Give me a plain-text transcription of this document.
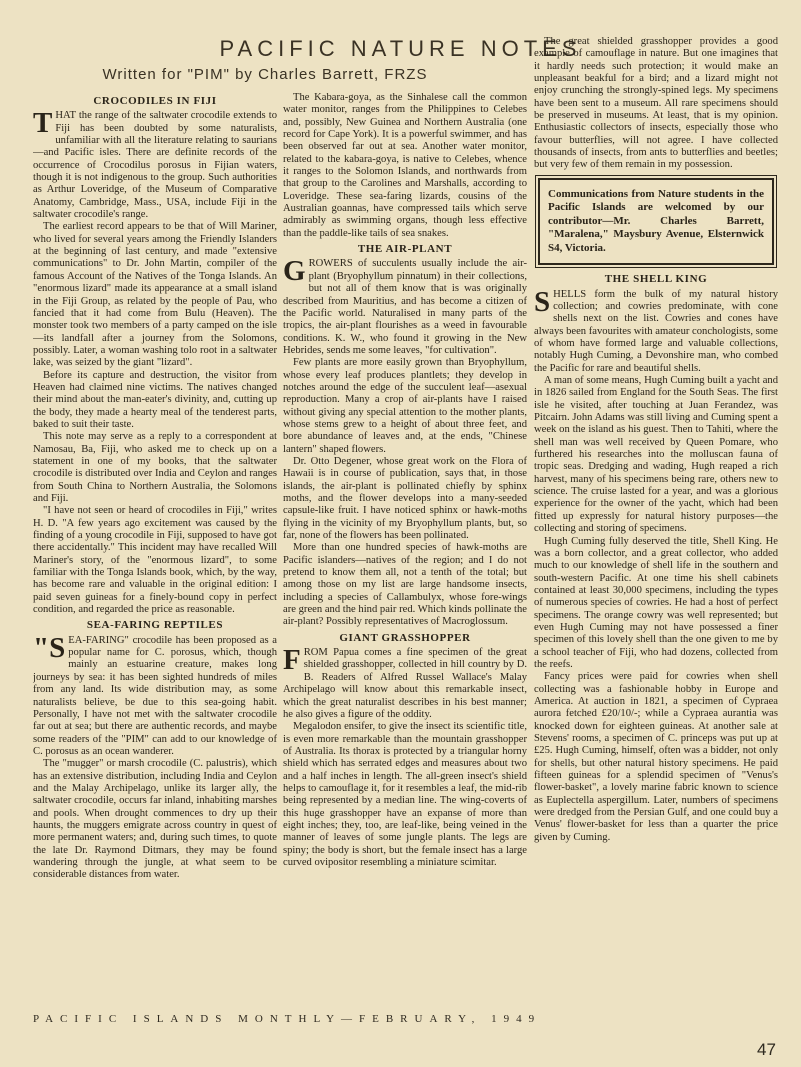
PACIFIC NATURE NOTES
Written for "PIM" by Charles Barrett, FRZS
CROCODILES IN FIJI

THAT the range of the saltwater crocodile extends to Fiji has been doubted by some naturalists, unfamiliar with all the literature relating to saurians—and Pacific isles. There are definite records of the occurrence of Crocodilus porosus in Fijian waters, though it is not indigenous to the group. Such authorities as Arthur Loveridge, of the Museum of Comparative Anatomy, Cambridge, Mass., USA, include Fiji in the saltwater crocodile's range.

The earliest record appears to be that of Will Mariner, who lived for several years among the Friendly Islanders at the beginning of last century, and made "extensive communications" to Dr. John Martin, compiler of the famous Account of the Natives of the Tonga Islands. An "enormous lizard" made its appearance at a small island in the Fiji Group, as related by the people of Pau, who fancied that it had come from Bulu (Heaven). The monster took two members of a party camped on the isle—its landfall after a journey from the Solomons, possibly. Later, a woman washing tolo root in a saltwater lake, was seized by the giant "lizard".

Before its capture and destruction, the visitor from Heaven had claimed nine victims. The natives changed their mind about the man-eater's divinity, and, cutting up the body, they made a hearty meal of the tenderest parts, baked to suit their taste.

This note may serve as a reply to a correspondent at Namosau, Ba, Fiji, who asked me to check up on a statement in one of my books, that the saltwater crocodile is distributed over India and Ceylon and ranges from South China to Northern Australia, the Solomons and Fiji.

"I have not seen or heard of crocodiles in Fiji," writes H. D. "A few years ago excitement was caused by the finding of a young crocodile in Fiji, supposed to have got there accidentally." This incident may have recalled Will Mariner's story, of the "enormous lizard", to some familiar with the Tonga Islands book, which, by the way, has become rare and valuable in the original edition: I paid seven guineas for a finely-bound copy in perfect condition, and regarded the price as reasonable.

SEA-FARING REPTILES

"SEA-FARING" crocodile has been proposed as a popular name for C. porosus, which, though mainly an estuarine creature, makes long journeys by sea: it has been sighted hundreds of miles from any land. Its wide distribution may, as some naturalists believe, be due to this sea-going habit. Personally, I have not met with the saltwater crocodile far out at sea; but there are authentic records, and maybe some readers of the "PIM" can add to our knowledge of C. porosus as an ocean wanderer.

The "mugger" or marsh crocodile (C. palustris), which has an extensive distribution, including India and Ceylon and the Malay Archipelago, unlike its larger ally, the saltwater crocodile, occurs far inland, inhabiting marshes and pools. When drought commences to dry up their haunts, the muggers emigrate across country in quest of more permanent waters; and, during such times, to quote the late Dr. Raymond Ditmars, they may be found wandering through the jungle, at what seem to be considerable distances from water.

The Kabara-goya, as the Sinhalese call the common water monitor, ranges from the Philippines to Celebes and, possibly, New Guinea and Northern Australia (one record for Cape York). It is a powerful swimmer, and has been observed far out at sea. Another water monitor, related to the kabara-goya, is native to Celebes, whence it ranges to the Solomon Islands, and northwards from that group to the Carolines and Marshalls, according to Loveridge. These sea-faring lizards, cousins of the Australian goannas, have compressed tails which serve admirably as swimming organs, though less effective than the paddle-like tails of sea snakes.

THE AIR-PLANT

GROWERS of succulents usually include the air-plant (Bryophyllum pinnatum) in their collections, but not all of them know that is was originally described from Mauritius, and has become a citizen of the Pacific world. Naturalised in many parts of the tropics, the air-plant flourishes as a weed in favourable conditions. K. W., who found it growing in the New Hebrides, sends me some leaves, "for cultivation".

Few plants are more easily grown than Bryophyllum, whose every leaf produces plantlets; they develop in notches around the edge of the succulent leaf—asexual reproduction. Many a crop of air-plants have I raised without giving any special attention to the mother plants, whose stems grew to a height of about three feet, and bore abundance of leaves and, at the ends, "Chinese lantern" shaped flowers.

Dr. Otto Degener, whose great work on the Flora of Hawaii is in course of publication, says that, in those islands, the air-plant is pollinated chiefly by sphinx moths, and the flower develops into a many-seeded capsule-like fruit. I have noticed sphinx or hawk-moths flying in the vicinity of my Bryophyllum plants, but, so far, none of the flowers has been pollinated.

More than one hundred species of hawk-moths are Pacific islanders—natives of the region; and I do not pretend to know them all, not a tenth of the total; but among those on my list are large handsome insects, including a species of Callambulyx, whose fore-wings are green and the hind pair red. Which kinds pollinate the air-plant? Possibly representatives of Macroglossum.

GIANT GRASSHOPPER

FROM Papua comes a fine specimen of the great shielded grasshopper, collected in hill country by D. B. Readers of Alfred Russel Wallace's Malay Archipelago will know about this remarkable insect, which the great naturalist describes in his best manner; he also gives a figure of the oddity.

Megalodon ensifer, to give the insect its scientific title, is even more remarkable than the mountain grasshopper of Australia. Its thorax is protected by a triangular horny shield which has serrated edges and measures about two and a half inches in length. The all-green insect's shield helps to camouflage it, for it resembles a leaf, the mid-rib being represented by a median line. The wing-coverts of this huge grasshopper have an expanse of more than eight inches; they, too, are leaf-like, being veined in the manner of leaves of some jungle plants. The legs are spiny; the body is short, but the female insect has a large curved ovipositor resembling a miniature scimitar.

The great shielded grasshopper provides a good example of camouflage in nature. But one imagines that it hardly needs such protection; it would make an unpleasant beakful for a bird; and a lizard might not enjoy crunching the strongly-spined legs. My specimens have been sent to a museum. All rare specimens should be preserved in museums. At least, that is my opinion. Enthusiastic collectors of insects, especially those who favour butterflies, will not agree. I have collected thousands of insects, from ants to butterflies and beetles; but very few of them remain in my possession.

Communications from Nature students in the Pacific Islands are welcomed by our contributor—Mr. Charles Barrett, "Maralena," Maysbury Avenue, Elsternwick S4, Victoria.
THE SHELL KING

SHELLS form the bulk of my natural history collection; and cowries predominate, with cone shells next on the list. Cowries and cones have always been favourites with amateur conchologists, some of whom have formed large and valuable collections, notably Hugh Cuming, a Devonshire man, who combed the Pacific for rare and beautiful shells.

A man of some means, Hugh Cuming built a yacht and in 1826 sailed from England for the South Seas. The first isle he visited, after touching at Juan Ferandez, was Pitcairn. John Adams was still living and Cuming spent a week on the island as his guest. Then to Tahiti, where the shell man was well received by Queen Pomare, who furthered his researches into the molluscan fauna of tropic seas. Dredging and wading, Hugh reaped a rich harvest, many of his specimens being rare, others new to science. The cruise lasted for a year, and was a glorious experience for the owner of the yacht, which had been fitted up expressly for natural history purposes—the collecting and storing of specimens.

Hugh Cuming fully deserved the title, Shell King. He was a born collector, and a great collector, who added much to our knowledge of shell life in the southern and south-western Pacific. At one time his shell cabinets contained at least 30,000 specimens, including the types of numerous species of cowries. He had a host of perfect specimens. The orange cowry was well represented; but even Hugh Cuming may not have possessed a finer specimen of this lovely shell than the one given to me by a school teacher of Fiji, who had dozens, collected from the reefs.

Fancy prices were paid for cowries when shell collecting was a fashionable hobby in Europe and America. At auction in 1821, a specimen of Cypraea aurora fetched £20/10/-; while a Cypraea aurantia was knocked down for eighteen guineas. At another sale at Stevens' rooms, a specimen of C. princeps was put up at £25. Hugh Cuming, himself, often was a bidder, not only for shells, but other natural history specimens. He paid fifteen guineas for a splendid specimen of "Venus's flower-basket", a lovely marine fabric known to science as Euplectella aspergillum. Later, numbers of specimens were dredged from the Persian Gulf, and one could buy a Venus' flower-basket for less than a quarter the price given by Cuming.

PACIFIC ISLANDS MONTHLY—FEBRUARY, 1949
47
